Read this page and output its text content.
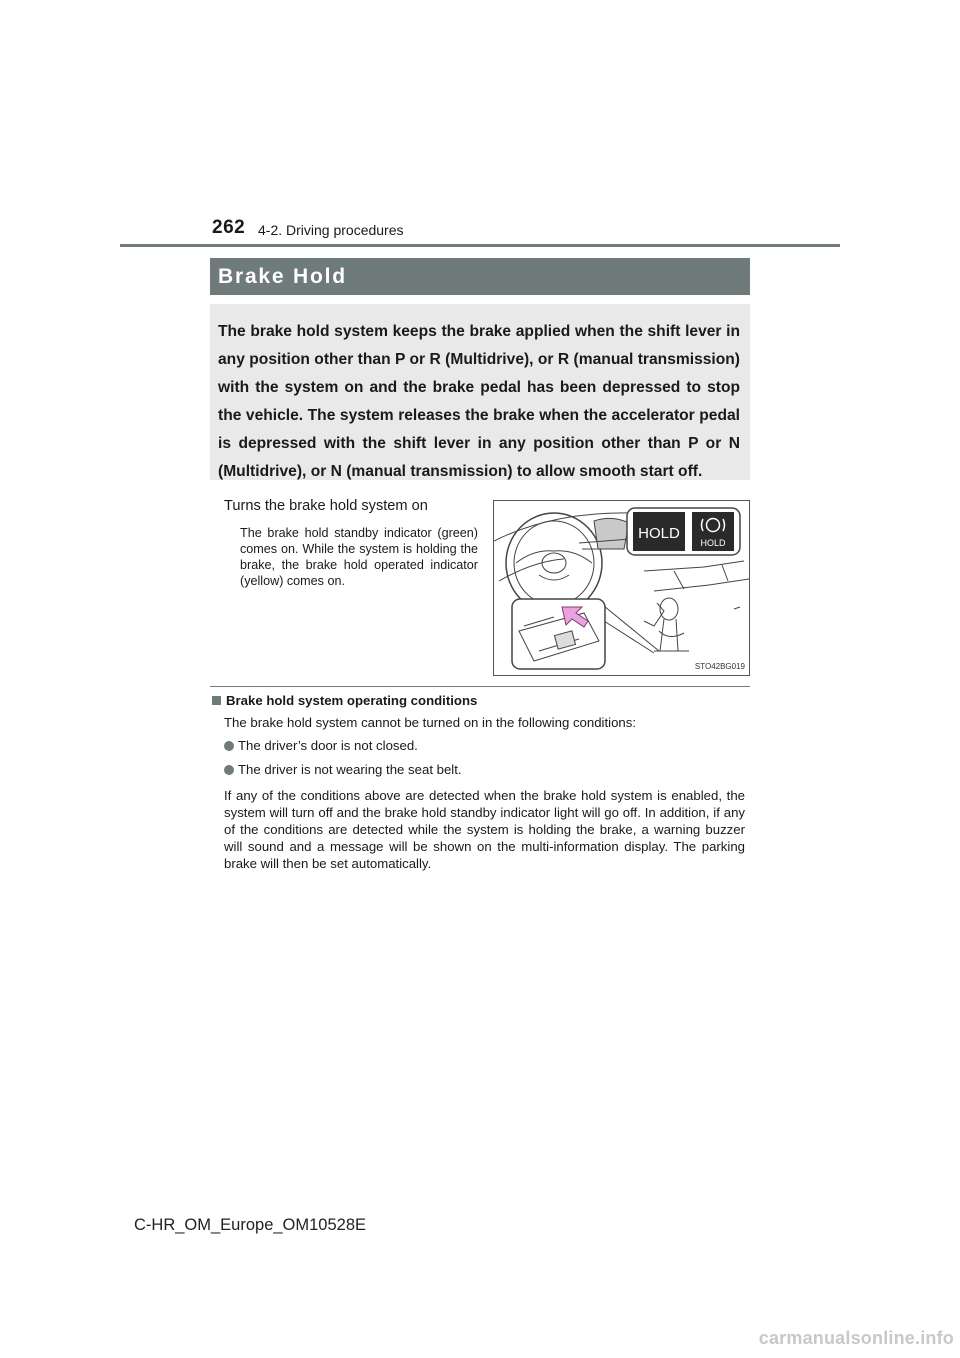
262 4-2. Driving procedures
Brake Hold

The brake hold system keeps the brake applied when the shift lever in any position other than P or R (Multidrive), or R (manual transmission) with the system on and the brake pedal has been depressed to stop the vehicle. The system releases the brake when the accelerator pedal is depressed with the shift lever in any position other than P or N (Multidrive), or N (manual transmission) to allow smooth start off.

Turns the brake hold system on

The brake hold standby indicator (green) comes on. While the system is holding the brake, the brake hold operated indicator (yellow) comes on.

HOLD
HOLD
STO42BG019
Brake hold system operating conditions
The brake hold system cannot be turned on in the following conditions:
The driver’s door is not closed.
The driver is not wearing the seat belt.

If any of the conditions above are detected when the brake hold system is enabled, the system will turn off and the brake hold standby indicator light will go off. In addition, if any of the conditions are detected while the system is holding the brake, a warning buzzer will sound and a message will be shown on the multi-information display. The parking brake will then be set automatically.

C-HR_OM_Europe_OM10528E
carmanualsonline.info
